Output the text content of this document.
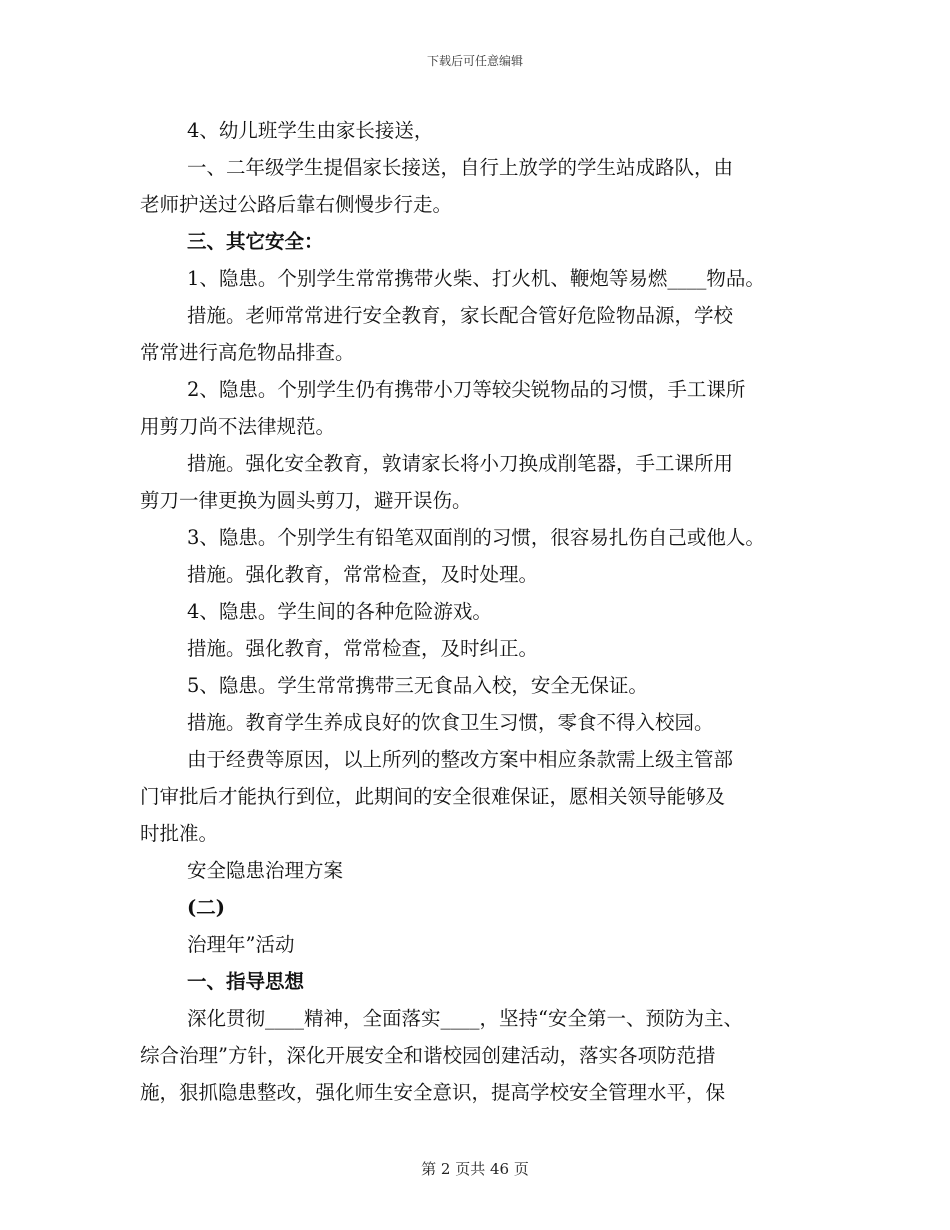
下载后可任意编辑

4、幼儿班学生由家长接送，

一、二年级学生提倡家长接送，自行上放学的学生站成路队，由

老师护送过公路后靠右侧慢步行走。

三、其它安全：

1、隐患。个别学生常常携带火柴、打火机、鞭炮等易燃____物品。

措施。老师常常进行安全教育，家长配合管好危险物品源，学校

常常进行高危物品排查。

2、隐患。个别学生仍有携带小刀等较尖锐物品的习惯，手工课所

用剪刀尚不法律规范。

措施。强化安全教育，敦请家长将小刀换成削笔器，手工课所用

剪刀一律更换为圆头剪刀，避开误伤。

3、隐患。个别学生有铅笔双面削的习惯，很容易扎伤自己或他人。

措施。强化教育，常常检查，及时处理。

4、隐患。学生间的各种危险游戏。

措施。强化教育，常常检查，及时纠正。

5、隐患。学生常常携带三无食品入校，安全无保证。

措施。教育学生养成良好的饮食卫生习惯，零食不得入校园。

由于经费等原因，以上所列的整改方案中相应条款需上级主管部

门审批后才能执行到位，此期间的安全很难保证，愿相关领导能够及

时批准。

安全隐患治理方案

(二)

治理年”活动

一、指导思想

深化贯彻____精神，全面落实____，坚持“安全第一、预防为主、

综合治理”方针，深化开展安全和谐校园创建活动，落实各项防范措

施，狠抓隐患整改，强化师生安全意识，提高学校安全管理水平，保

第 2 页共 46 页
